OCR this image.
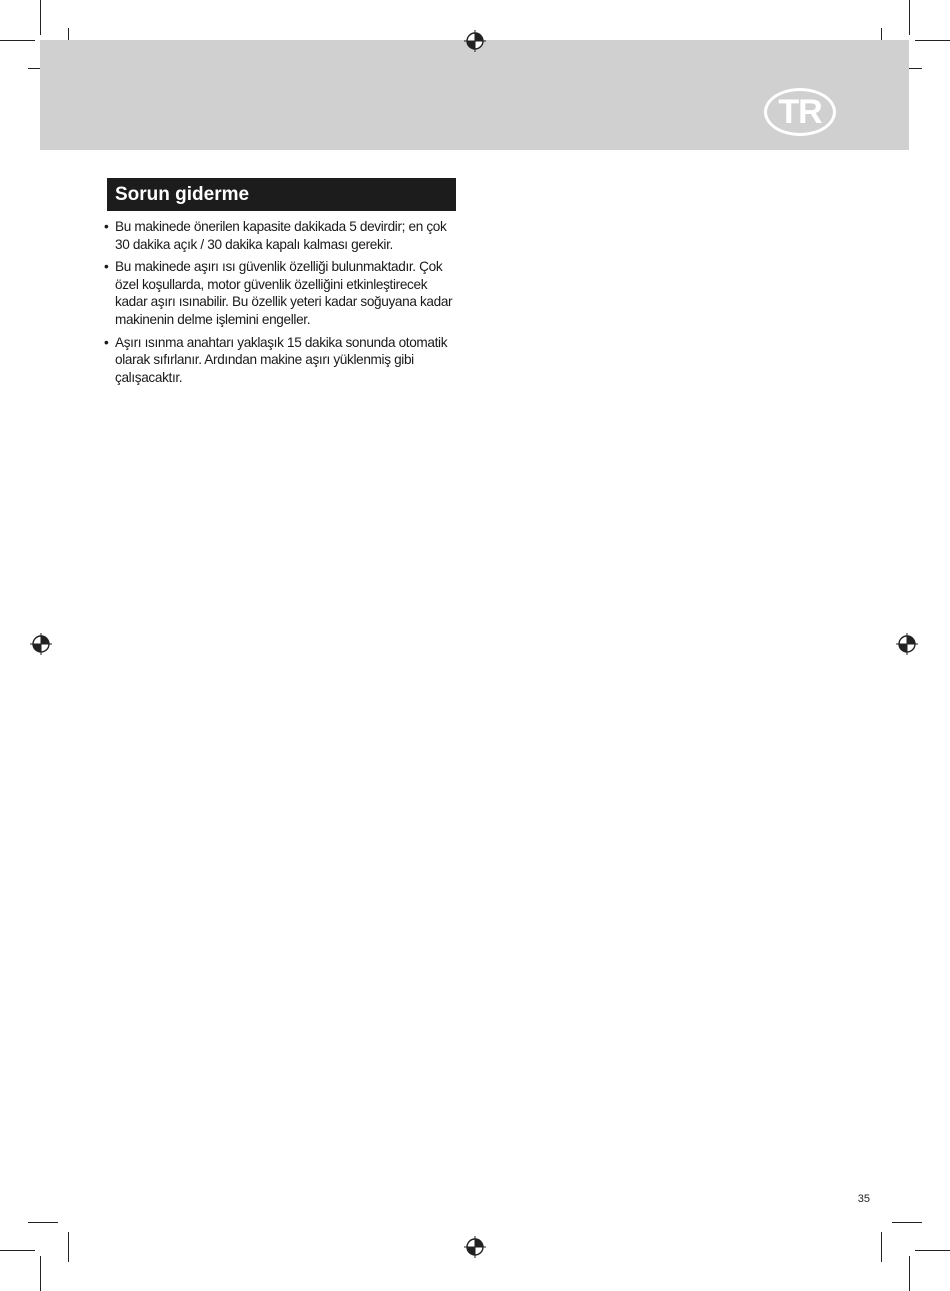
TR
Sorun giderme
• Bu makinede önerilen kapasite dakikada 5 devirdir; en çok 30 dakika açık / 30 dakika kapalı kalması gerekir.
• Bu makinede aşırı ısı güvenlik özelliği bulunmaktadır. Çok özel koşullarda, motor güvenlik özelliğini etkinleştirecek kadar aşırı ısınabilir. Bu özellik yeteri kadar soğuyana kadar makinenin delme işlemini engeller.
• Aşırı ısınma anahtarı yaklaşık 15 dakika sonunda otomatik olarak sıfırlanır. Ardından makine aşırı yüklenmiş gibi çalışacaktır.
35
